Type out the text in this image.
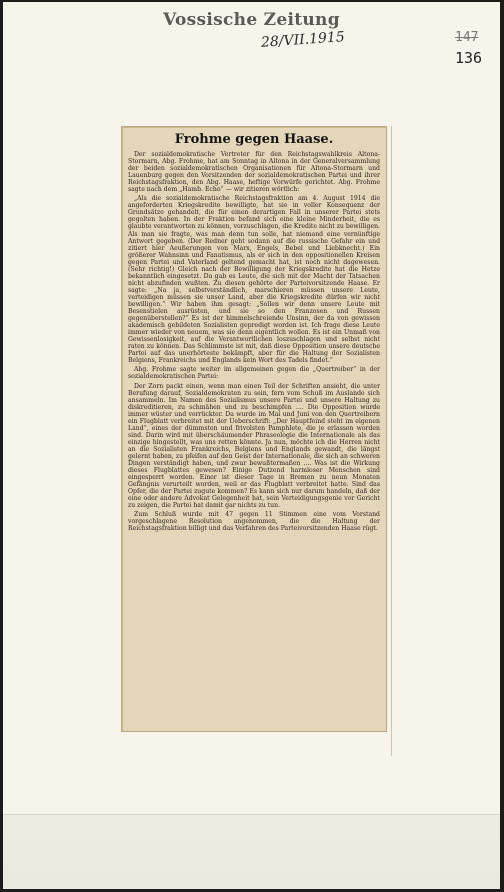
Vossische Zeitung
28/VII.1915	147
136
Frohme gegen Haase.

Der sozialdemokratische Vertreter für den Reichstagswahlkreis Altona-Stormarn, Abg. Frohme, hat am Sonntag in Altona in der Generalversammlung der beiden sozialdemokratischen Organisationen für Altona-Stormarn und Lauenburg gegen den Vorsitzenden der sozialdemokratischen Partei und ihrer Reichstagsfraktion, den Abg. Haase, heftige Vorwürfe gerichtet. Abg. Frohme sagte nach dem „Hamb. Echo“ — wir zitieren wörtlich:

„Als die sozialdemokratische Reichstagsfraktion am 4. August 1914 die angeforderten Kriegskredite bewilligte, hat sie in voller Konsequenz der Grundsätze gehandelt, die für einen derartigen Fall in unserer Partei stets gegolten haben. In der Fraktion befand sich eine kleine Minderheit, die es glaubte verantworten zu können, vorzuschlagen, die Kredite nicht zu bewilligen. Als man sie fragte, was man denn tun solle, hat niemand eine vernünftige Antwort gegeben. (Der Redner geht sodann auf die russische Gefahr ein und zitiert hier Aeußerungen von Marx, Engels, Bebel und Liebknecht.) Ein größerer Wahnsinn und Fanatismus, als er sich in den oppositionellen Kreisen gegen Partei und Vaterland geltend gemacht hat, ist noch nicht dagewesen. (Sehr richtig!) Gleich nach der Bewilligung der Kriegskredite hat die Hetze bekanntlich eingesetzt. Da gab es Leute, die sich mit der Macht der Tatsachen nicht abzufinden wußten. Zu diesen gehörte der Parteivorsitzende Haase. Er sagte: „Na ja, selbstverständlich, marschieren müssen unsere Leute, verteidigen müssen sie unser Land, aber die Kriegskredite dürfen wir nicht bewilligen.“ Wir haben ihm gesagt: „Sollen wir denn unsere Leute mit Besenstielen ausrüsten, und sie so den Franzosen und Russen gegenüberstellen?“ Es ist der himmelschreiende Unsinn, der da von gewissen akademisch gebildeten Sozialisten gepredigt worden ist. Ich frage diese Leute immer wieder von neuem, was sie denn eigentlich wollen. Es ist ein Unmaß von Gewissenlosigkeit, auf die Verantwortlichen loszuschlagen und selbst nicht raten zu können. Das Schlimmste ist mit, daß diese Opposition unsere deutsche Partei auf das unerhörteste bekämpft, aber für die Haltung der Sozialisten Belgiens, Frankreichs und Englands kein Wort des Tadels findet.“

Abg. Frohme sagte weiter im allgemeinen gegen die „Quertreiber“ in der sozialdemokratischen Partei:

Der Zorn packt einen, wenn man einen Teil der Schriften ansieht, die unter Berufung darauf, Sozialdemokraten zu sein, fern vom Schuß im Auslande sich ansammeln. Im Namen des Sozialismus unsere Partei und unsere Haltung zu diskreditieren, zu schmähen und zu beschimpfen .... Die Opposition wurde immer wüster und verrückter. Da wurde im Mai und Juni von den Quertreibern ein Flugblatt verbreitet mit der Ueberschrift: „Der Hauptfeind steht im eigenen Land“, eines der dümmsten und frivolsten Pamphlete, die je erlassen worden sind. Darin wird mit überschäumender Phraseologie die Internationale als das einzige hingestellt, was uns retten könnte. Ja nun, möchte ich die Herren nicht an die Sozialisten Frankreichs, Belgiens und Englands gewandt, die längst gelernt haben, zu pfeifen auf den Geist der Internationale, die sich an schweren Dingen verständigt haben, und zwar bewußtermaßen .... Was ist die Wirkung dieses Flugblattes gewesen? Einige Dutzend harmloser Menschen sind eingesperrt worden. Einer ist dieser Tage in Bremen zu neun Monaten Gefängnis verurteilt worden, weil er das Flugblatt verbreitet hatte. Sind das Opfer, die der Partei zugute kommen? Es kann sich nur darum handeln, daß der eine oder andere Advokat Gelegenheit hat, sein Verteidigungsgenie vor Gericht zu zeigen, die Partei hat damit gar nichts zu tun.

Zum Schluß wurde mit 47 gegen 11 Stimmen eine vom Vorstand vorgeschlagene Resolution angenommen, die die Haltung der Reichstagsfraktion billigt und das Verfahren des Parteivorsitzenden Haase rügt.
